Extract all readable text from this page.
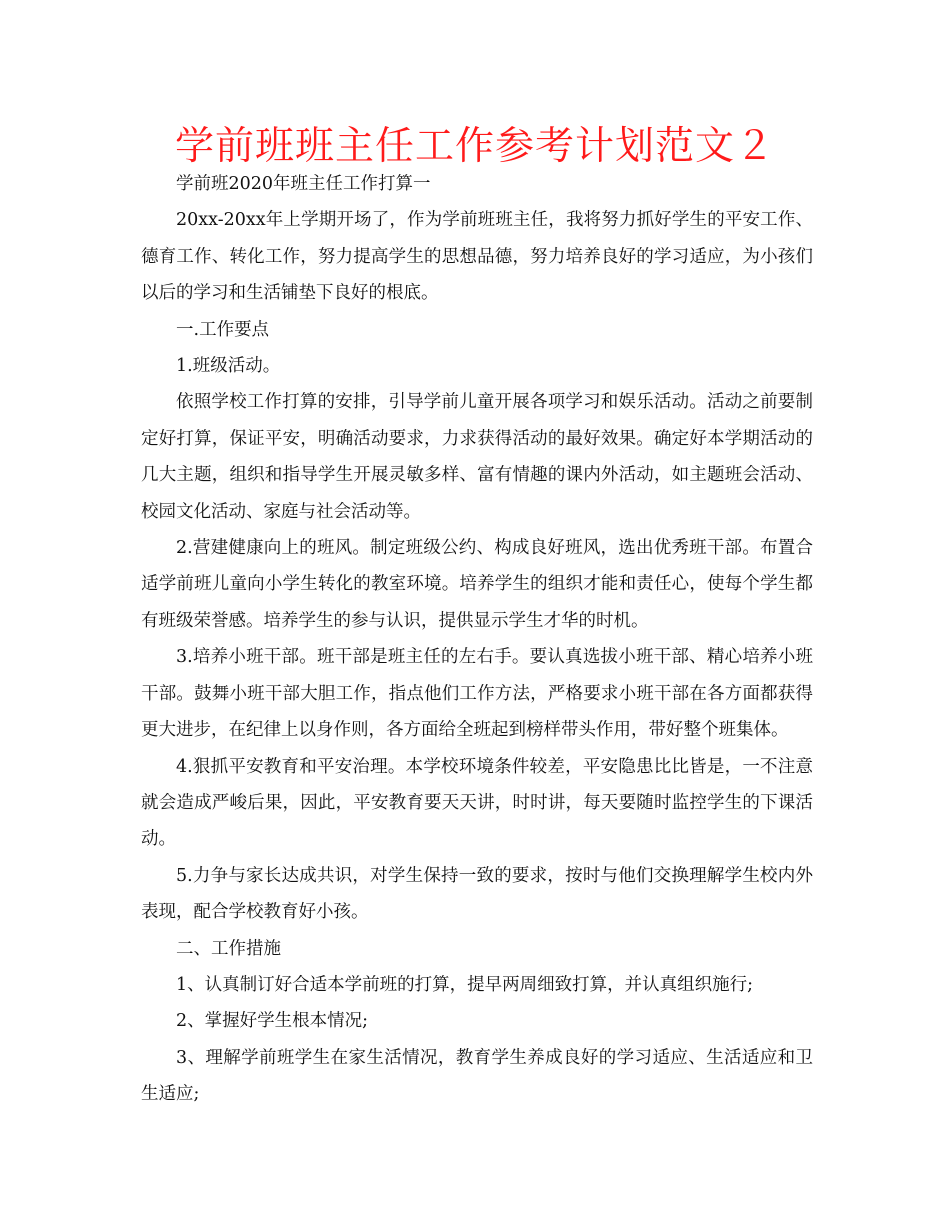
学前班班主任工作参考计划范文２

学前班2020年班主任工作打算一

20xx-20xx年上学期开场了，作为学前班班主任，我将努力抓好学生的平安工作、德育工作、转化工作，努力提高学生的思想品德，努力培养良好的学习适应，为小孩们以后的学习和生活铺垫下良好的根底。

一.工作要点

1.班级活动。

依照学校工作打算的安排，引导学前儿童开展各项学习和娱乐活动。活动之前要制定好打算，保证平安，明确活动要求，力求获得活动的最好效果。确定好本学期活动的几大主题，组织和指导学生开展灵敏多样、富有情趣的课内外活动，如主题班会活动、校园文化活动、家庭与社会活动等。

2.营建健康向上的班风。制定班级公约、构成良好班风，选出优秀班干部。布置合适学前班儿童向小学生转化的教室环境。培养学生的组织才能和责任心，使每个学生都有班级荣誉感。培养学生的参与认识，提供显示学生才华的时机。

3.培养小班干部。班干部是班主任的左右手。要认真选拔小班干部、精心培养小班干部。鼓舞小班干部大胆工作，指点他们工作方法，严格要求小班干部在各方面都获得更大进步，在纪律上以身作则，各方面给全班起到榜样带头作用，带好整个班集体。

4.狠抓平安教育和平安治理。本学校环境条件较差，平安隐患比比皆是，一不注意就会造成严峻后果，因此，平安教育要天天讲，时时讲，每天要随时监控学生的下课活动。

5.力争与家长达成共识，对学生保持一致的要求，按时与他们交换理解学生校内外表现，配合学校教育好小孩。

二、工作措施

1、认真制订好合适本学前班的打算，提早两周细致打算，并认真组织施行;

2、掌握好学生根本情况;

3、理解学前班学生在家生活情况，教育学生养成良好的学习适应、生活适应和卫生适应;
